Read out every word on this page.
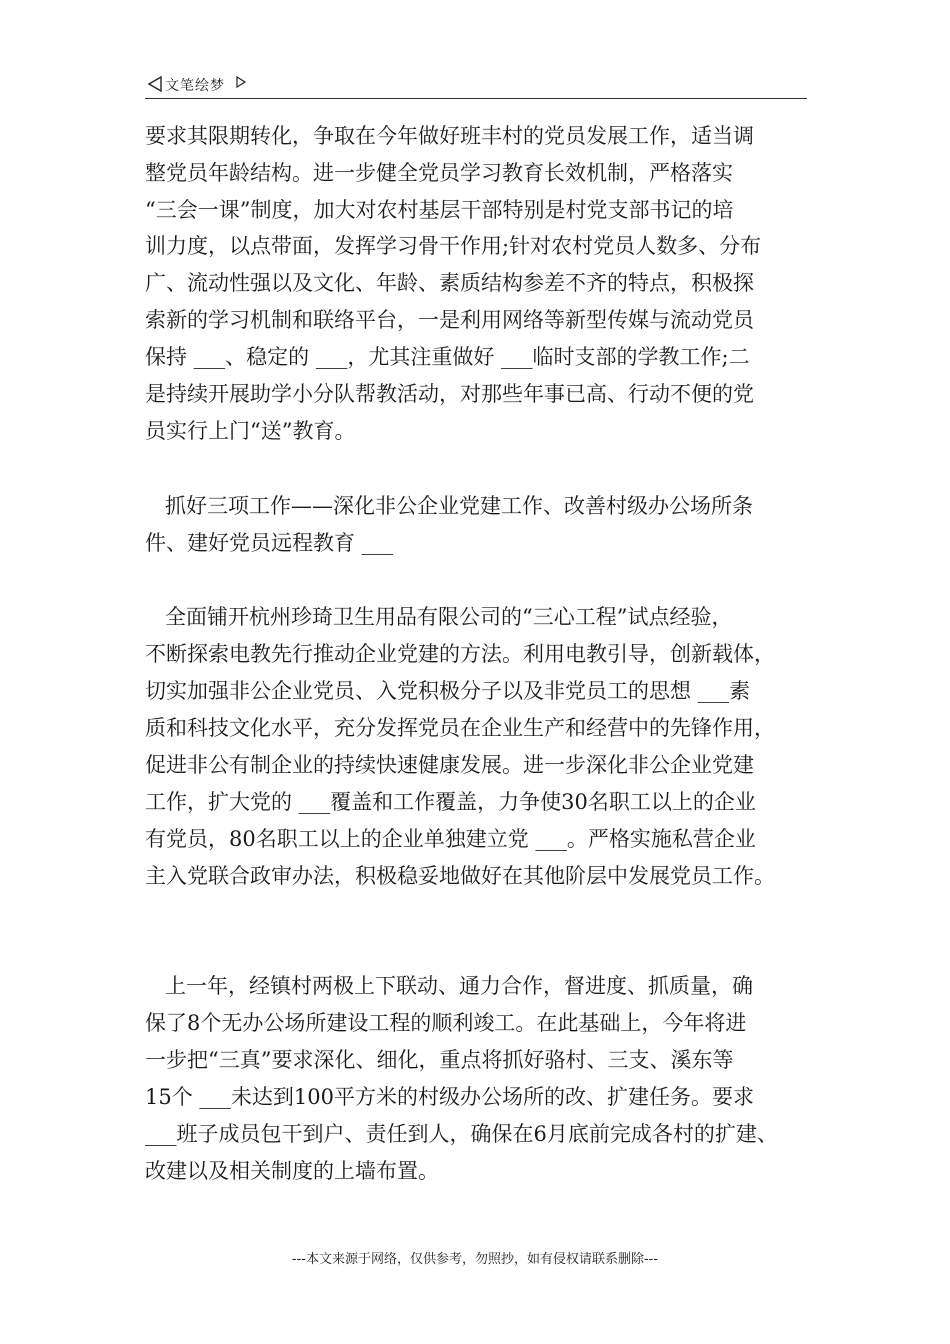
文笔绘梦
要求其限期转化，争取在今年做好班丰村的党员发展工作，适当调
整党员年龄结构。进一步健全党员学习教育长效机制，严格落实
“三会一课”制度，加大对农村基层干部特别是村党支部书记的培
训力度，以点带面，发挥学习骨干作用;针对农村党员人数多、分布
广、流动性强以及文化、年龄、素质结构参差不齐的特点，积极探
索新的学习机制和联络平台，一是利用网络等新型传媒与流动党员
保持 ___、稳定的 ___，尤其注重做好 ___临时支部的学教工作;二
是持续开展助学小分队帮教活动，对那些年事已高、行动不便的党
员实行上门“送”教育。
抓好三项工作——深化非公企业党建工作、改善村级办公场所条
件、建好党员远程教育 ___
全面铺开杭州珍琦卫生用品有限公司的“三心工程”试点经验，
不断探索电教先行推动企业党建的方法。利用电教引导，创新载体，
切实加强非公企业党员、入党积极分子以及非党员工的思想 ___素
质和科技文化水平，充分发挥党员在企业生产和经营中的先锋作用，
促进非公有制企业的持续快速健康发展。进一步深化非公企业党建
工作，扩大党的 ___覆盖和工作覆盖，力争使30名职工以上的企业
有党员，80名职工以上的企业单独建立党 ___。严格实施私营企业
主入党联合政审办法，积极稳妥地做好在其他阶层中发展党员工作。
上一年，经镇村两极上下联动、通力合作，督进度、抓质量，确
保了8个无办公场所建设工程的顺利竣工。在此基础上，今年将进
一步把“三真”要求深化、细化，重点将抓好骆村、三支、溪东等
15个 ___未达到100平方米的村级办公场所的改、扩建任务。要求
___班子成员包干到户、责任到人，确保在6月底前完成各村的扩建、
改建以及相关制度的上墙布置。
---本文来源于网络，仅供参考，勿照抄，如有侵权请联系删除---
